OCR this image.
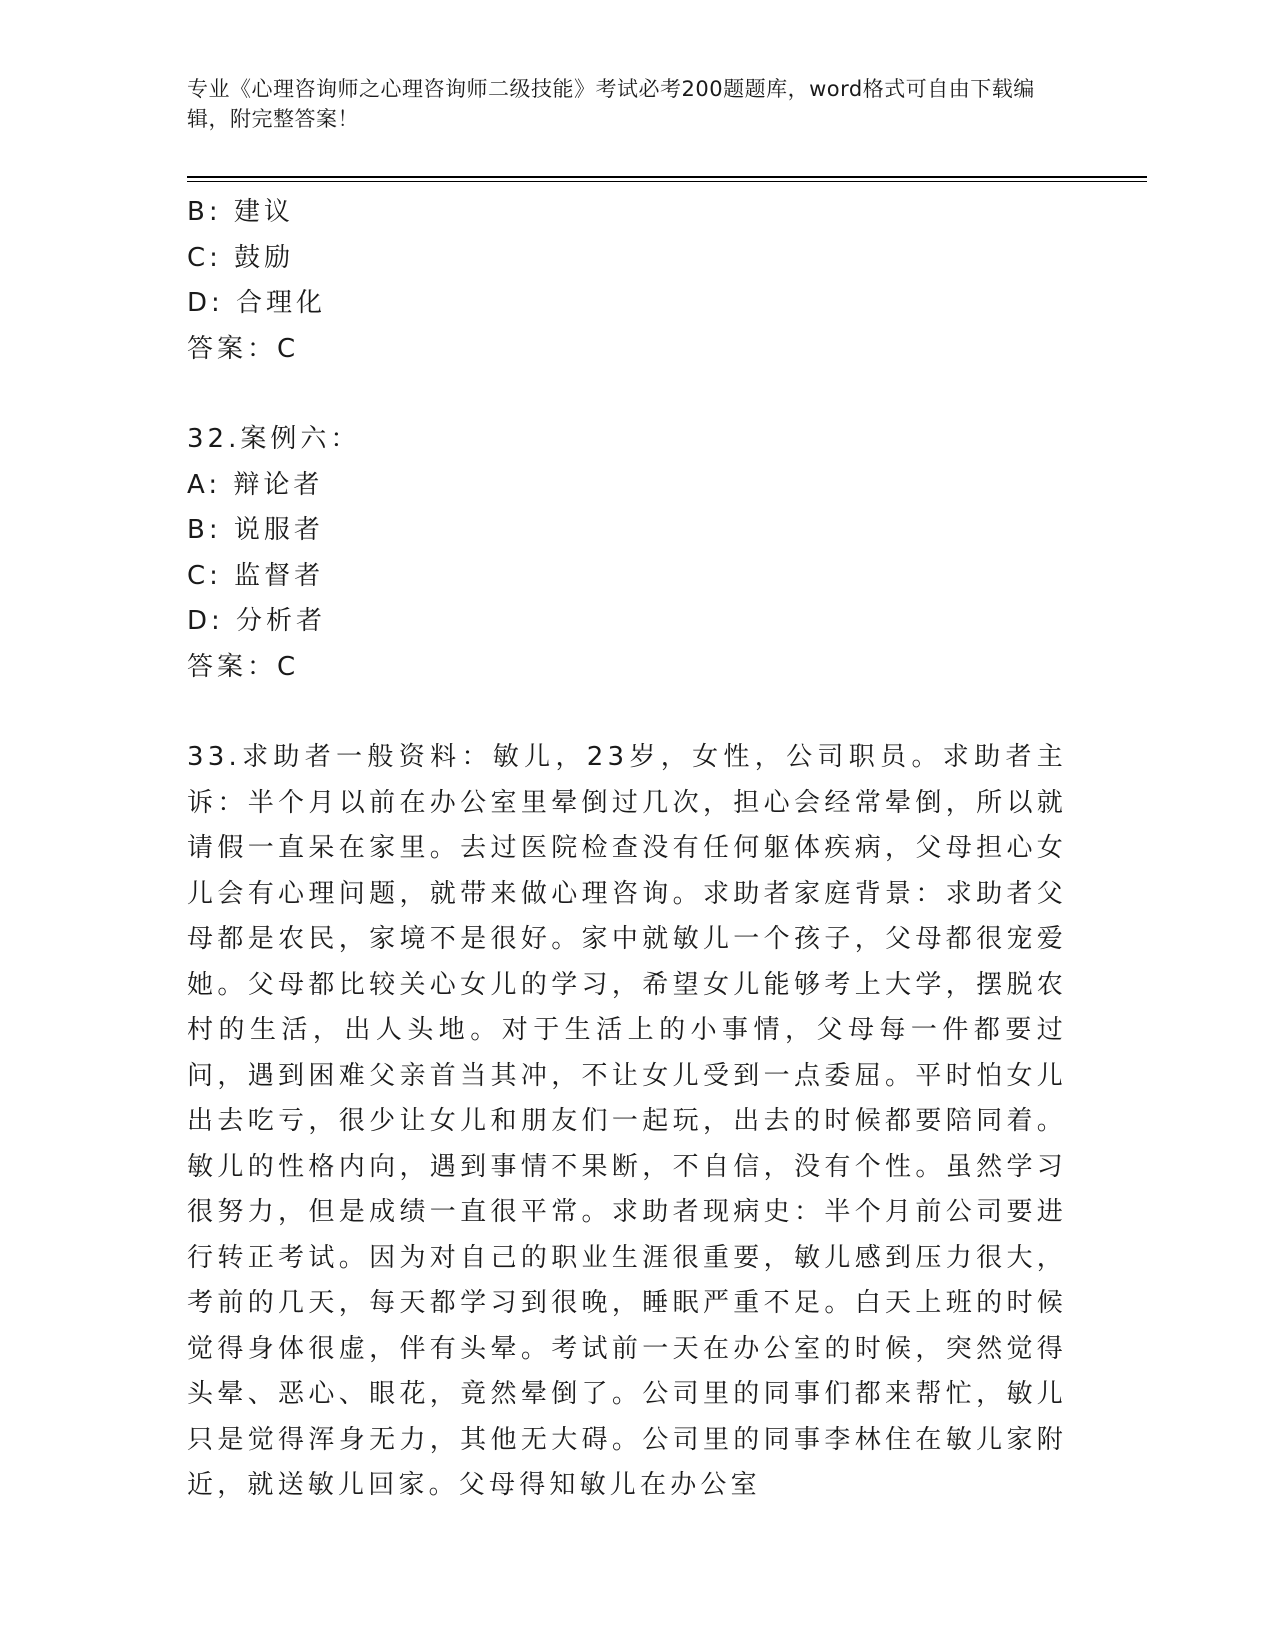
专业《心理咨询师之心理咨询师二级技能》考试必考200题题库，word格式可自由下载编辑，附完整答案！
B: 建议
C: 鼓励
D: 合理化
答案：C
32.案例六：
A: 辩论者
B: 说服者
C: 监督者
D: 分析者
答案：C
33.求助者一般资料：敏儿，23岁，女性，公司职员。求助者主诉：半个月以前在办公室里晕倒过几次，担心会经常晕倒，所以就请假一直呆在家里。去过医院检查没有任何躯体疾病，父母担心女儿会有心理问题，就带来做心理咨询。求助者家庭背景：求助者父母都是农民，家境不是很好。家中就敏儿一个孩子，父母都很宠爱她。父母都比较关心女儿的学习，希望女儿能够考上大学，摆脱农村的生活，出人头地。对于生活上的小事情，父母每一件都要过问，遇到困难父亲首当其冲，不让女儿受到一点委屈。平时怕女儿出去吃亏，很少让女儿和朋友们一起玩，出去的时候都要陪同着。敏儿的性格内向，遇到事情不果断，不自信，没有个性。虽然学习很努力，但是成绩一直很平常。求助者现病史：半个月前公司要进行转正考试。因为对自己的职业生涯很重要，敏儿感到压力很大，考前的几天，每天都学习到很晚，睡眠严重不足。白天上班的时候觉得身体很虚，伴有头晕。考试前一天在办公室的时候，突然觉得头晕、恶心、眼花，竟然晕倒了。公司里的同事们都来帮忙，敏儿只是觉得浑身无力，其他无大碍。公司里的同事李林住在敏儿家附近，就送敏儿回家。父母得知敏儿在办公室
